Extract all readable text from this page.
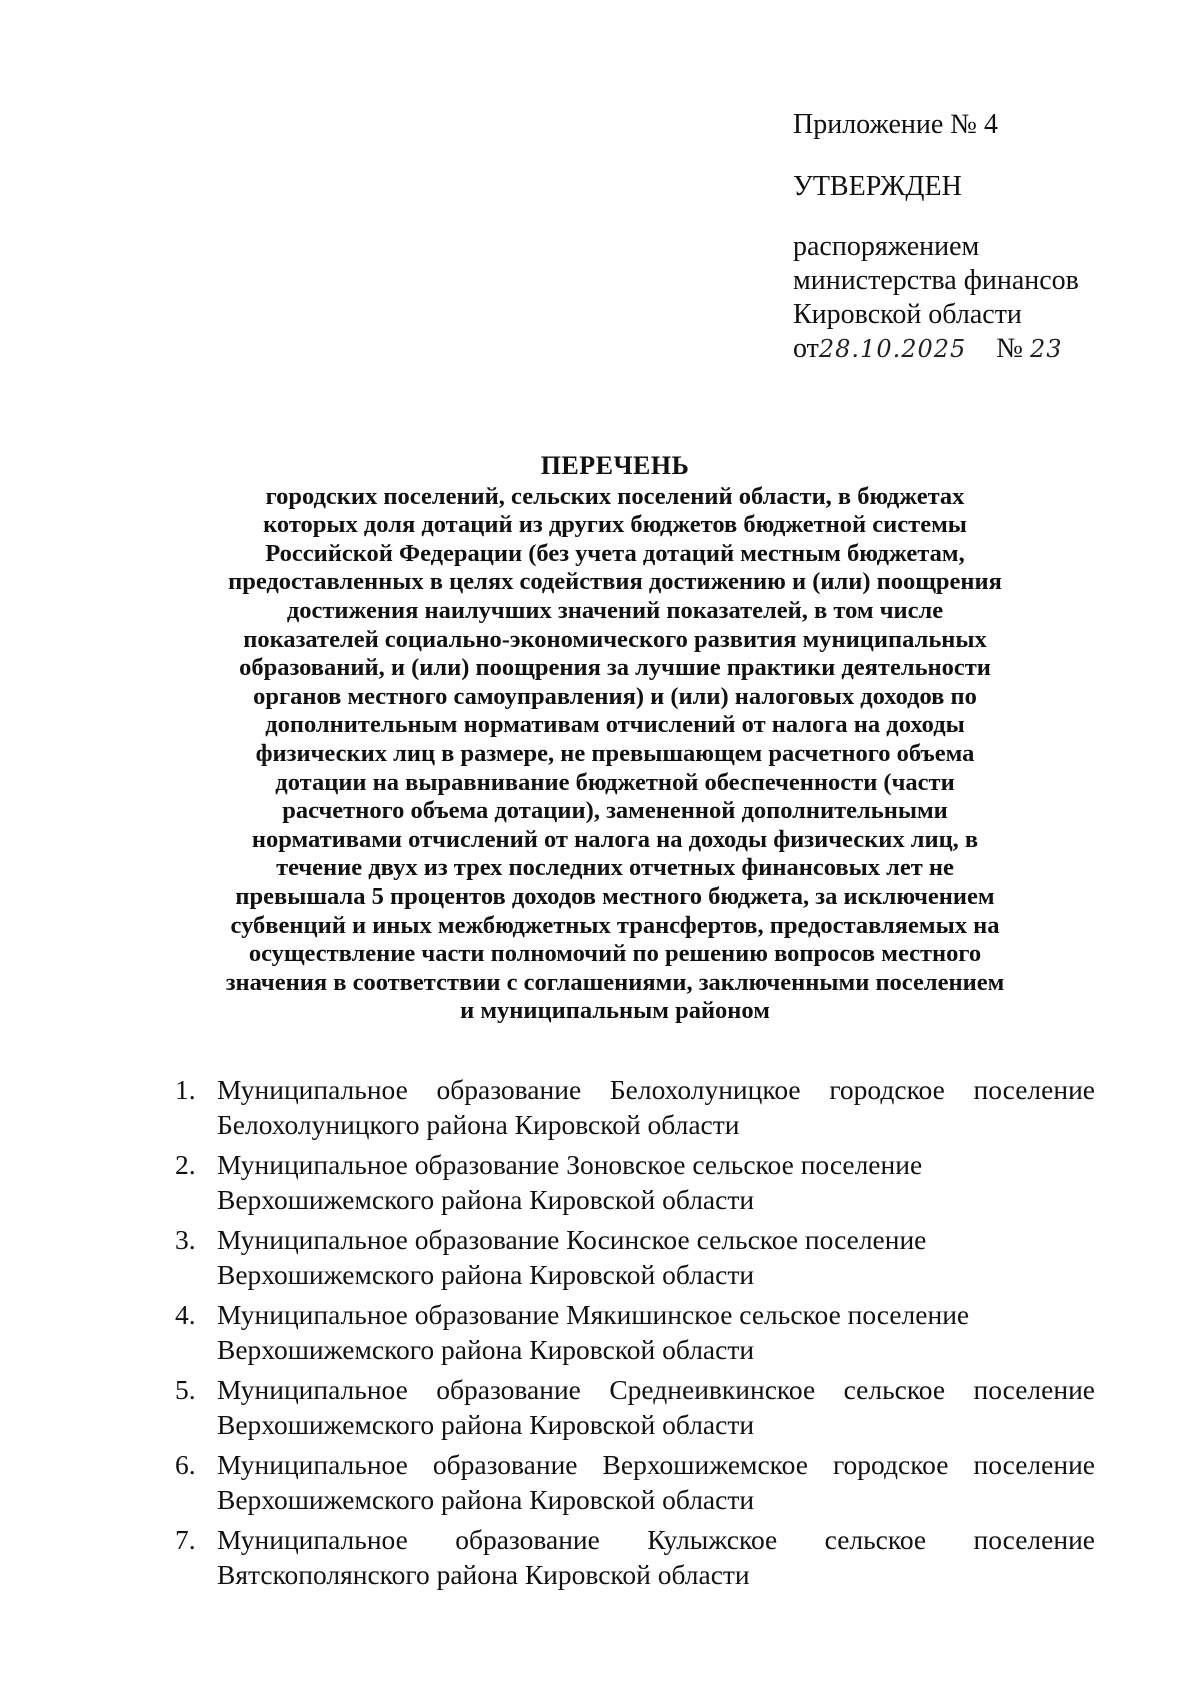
Приложение № 4
УТВЕРЖДЕН
распоряжением
министерства финансов
Кировской области
от28.10.2025 № 23
ПЕРЕЧЕНЬ
городских поселений, сельских поселений области, в бюджетах
которых доля дотаций из других бюджетов бюджетной системы
Российской Федерации (без учета дотаций местным бюджетам,
предоставленных в целях содействия достижению и (или) поощрения
достижения наилучших значений показателей, в том числе
показателей социально-экономического развития муниципальных
образований, и (или) поощрения за лучшие практики деятельности
органов местного самоуправления) и (или) налоговых доходов по
дополнительным нормативам отчислений от налога на доходы
физических лиц в размере, не превышающем расчетного объема
дотации на выравнивание бюджетной обеспеченности (части
расчетного объема дотации), замененной дополнительными
нормативами отчислений от налога на доходы физических лиц, в
течение двух из трех последних отчетных финансовых лет не
превышала 5 процентов доходов местного бюджета, за исключением
субвенций и иных межбюджетных трансфертов, предоставляемых на
осуществление части полномочий по решению вопросов местного
значения в соответствии с соглашениями, заключенными поселением
и муниципальным районом
1. Муниципальное образование Белохолуницкое городское поселение
Белохолуницкого района Кировской области
2. Муниципальное образование Зоновское сельское поселение
Верхошижемского района Кировской области
3. Муниципальное образование Косинское сельское поселение
Верхошижемского района Кировской области
4. Муниципальное образование Мякишинское сельское поселение
Верхошижемского района Кировской области
5. Муниципальное образование Среднеивкинское сельское поселение
Верхошижемского района Кировской области
6. Муниципальное образование Верхошижемское городское поселение
Верхошижемского района Кировской области
7. Муниципальное образование Кулыжское сельское поселение
Вятскополянского района Кировской области
